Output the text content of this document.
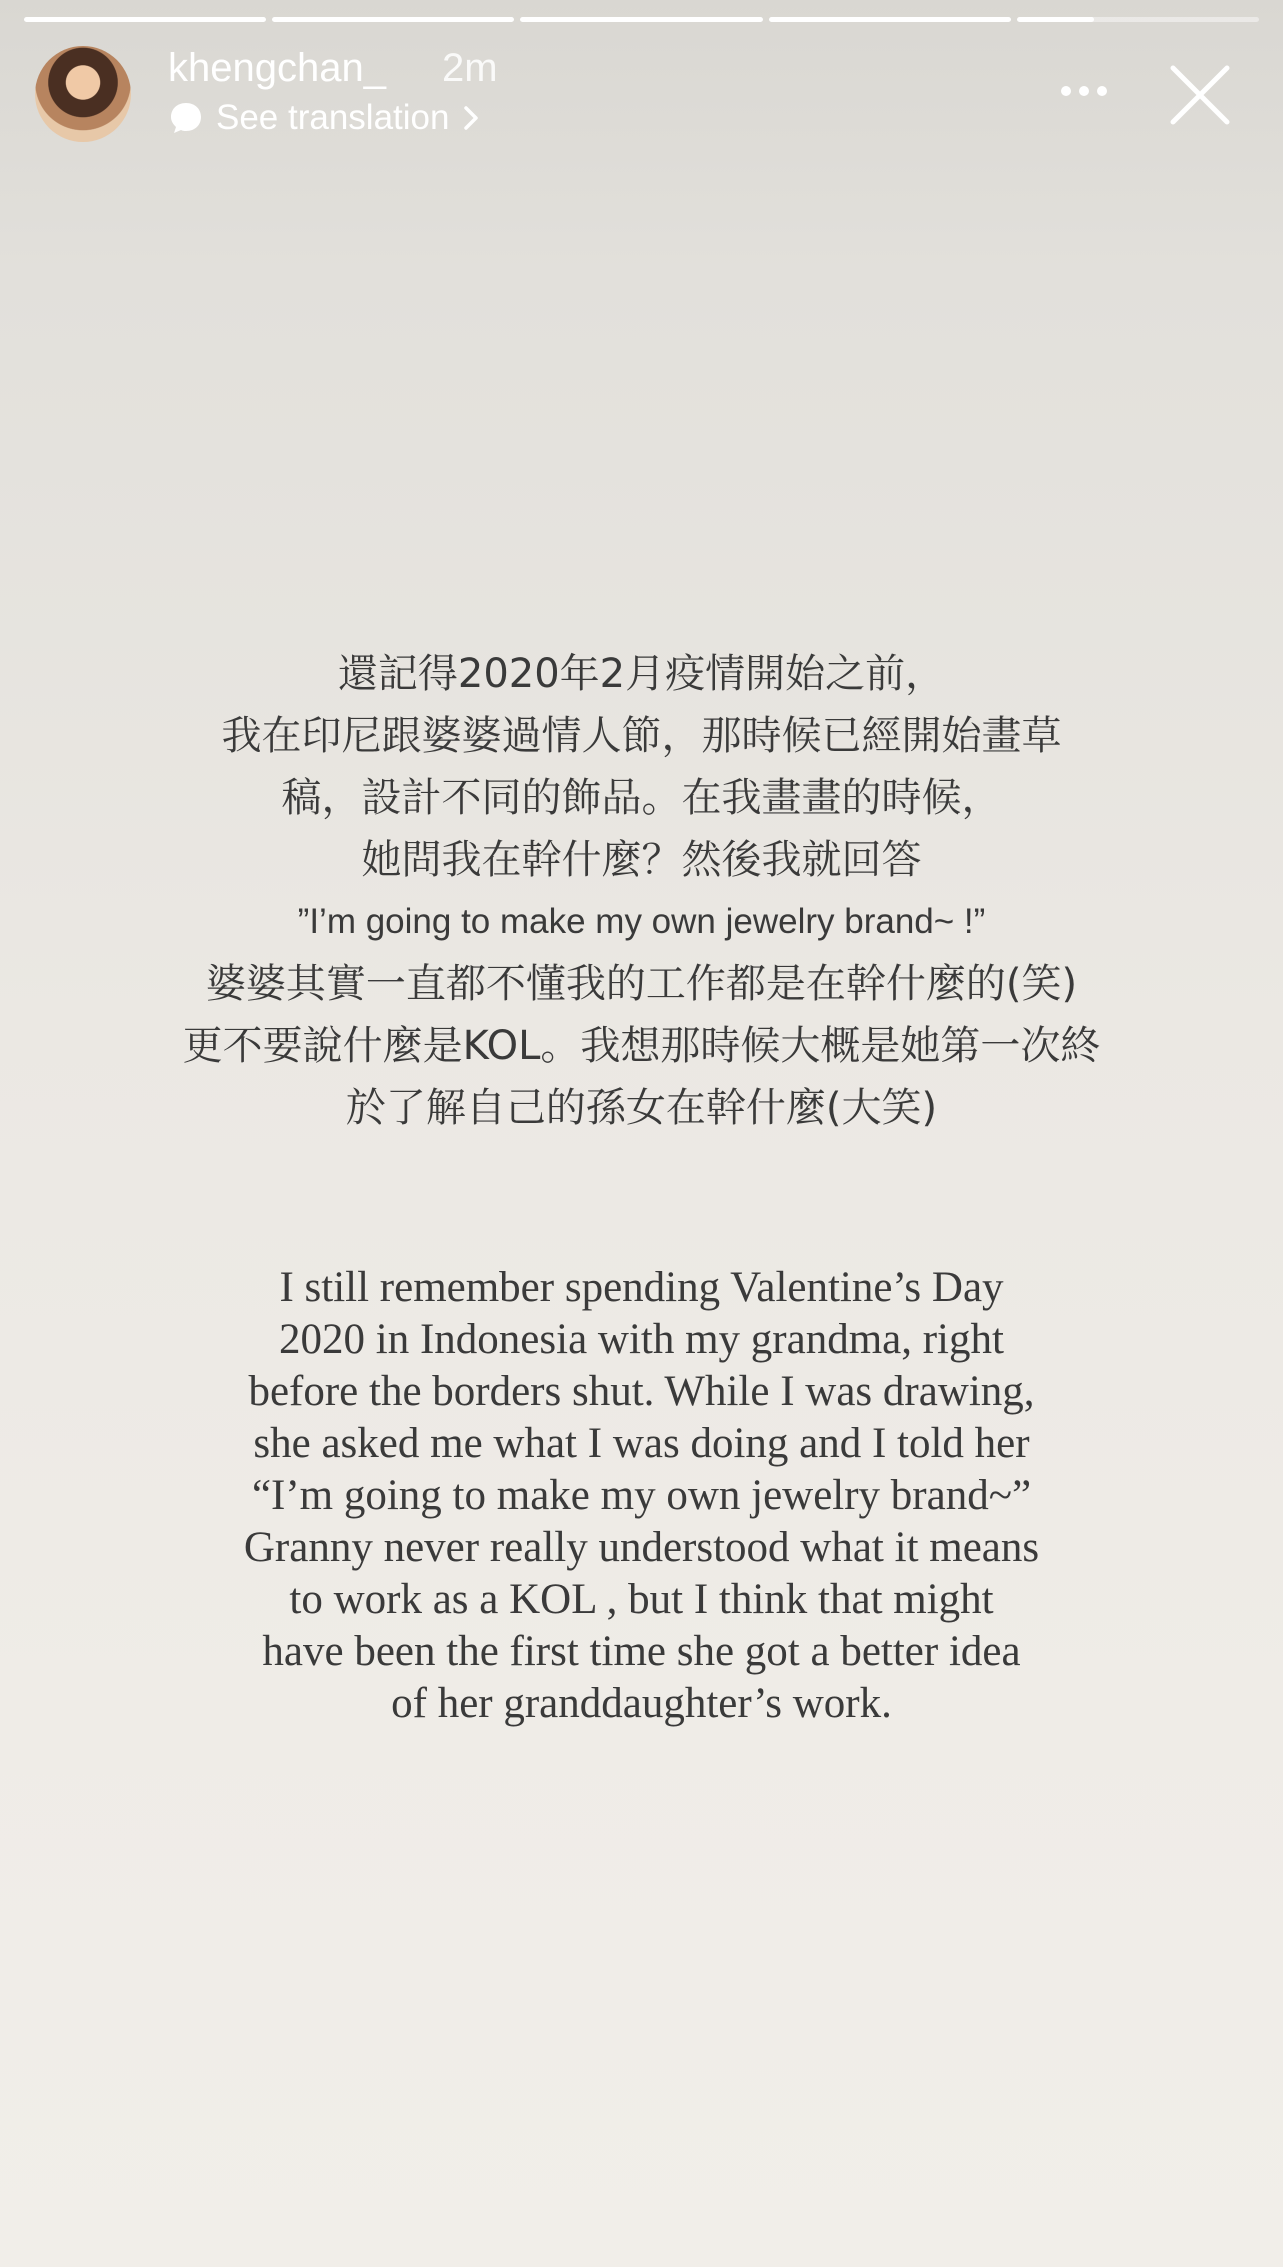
khengchan_ 2m
See translation
還記得2020年2月疫情開始之前，
我在印尼跟婆婆過情人節，那時候已經開始畫草
稿，設計不同的飾品。在我畫畫的時候，
她問我在幹什麼？然後我就回答
”I’m going to make my own jewelry brand~ !”
婆婆其實一直都不懂我的工作都是在幹什麼的(笑)
更不要說什麼是KOL。我想那時候大概是她第一次終
於了解自己的孫女在幹什麼(大笑)
I still remember spending Valentine’s Day
2020 in Indonesia with my grandma, right
before the borders shut. While I was drawing,
she asked me what I was doing and I told her
“I’m going to make my own jewelry brand~”
Granny never really understood what it means
to work as a KOL , but I think that might
have been the first time she got a better idea
of her granddaughter’s work.
